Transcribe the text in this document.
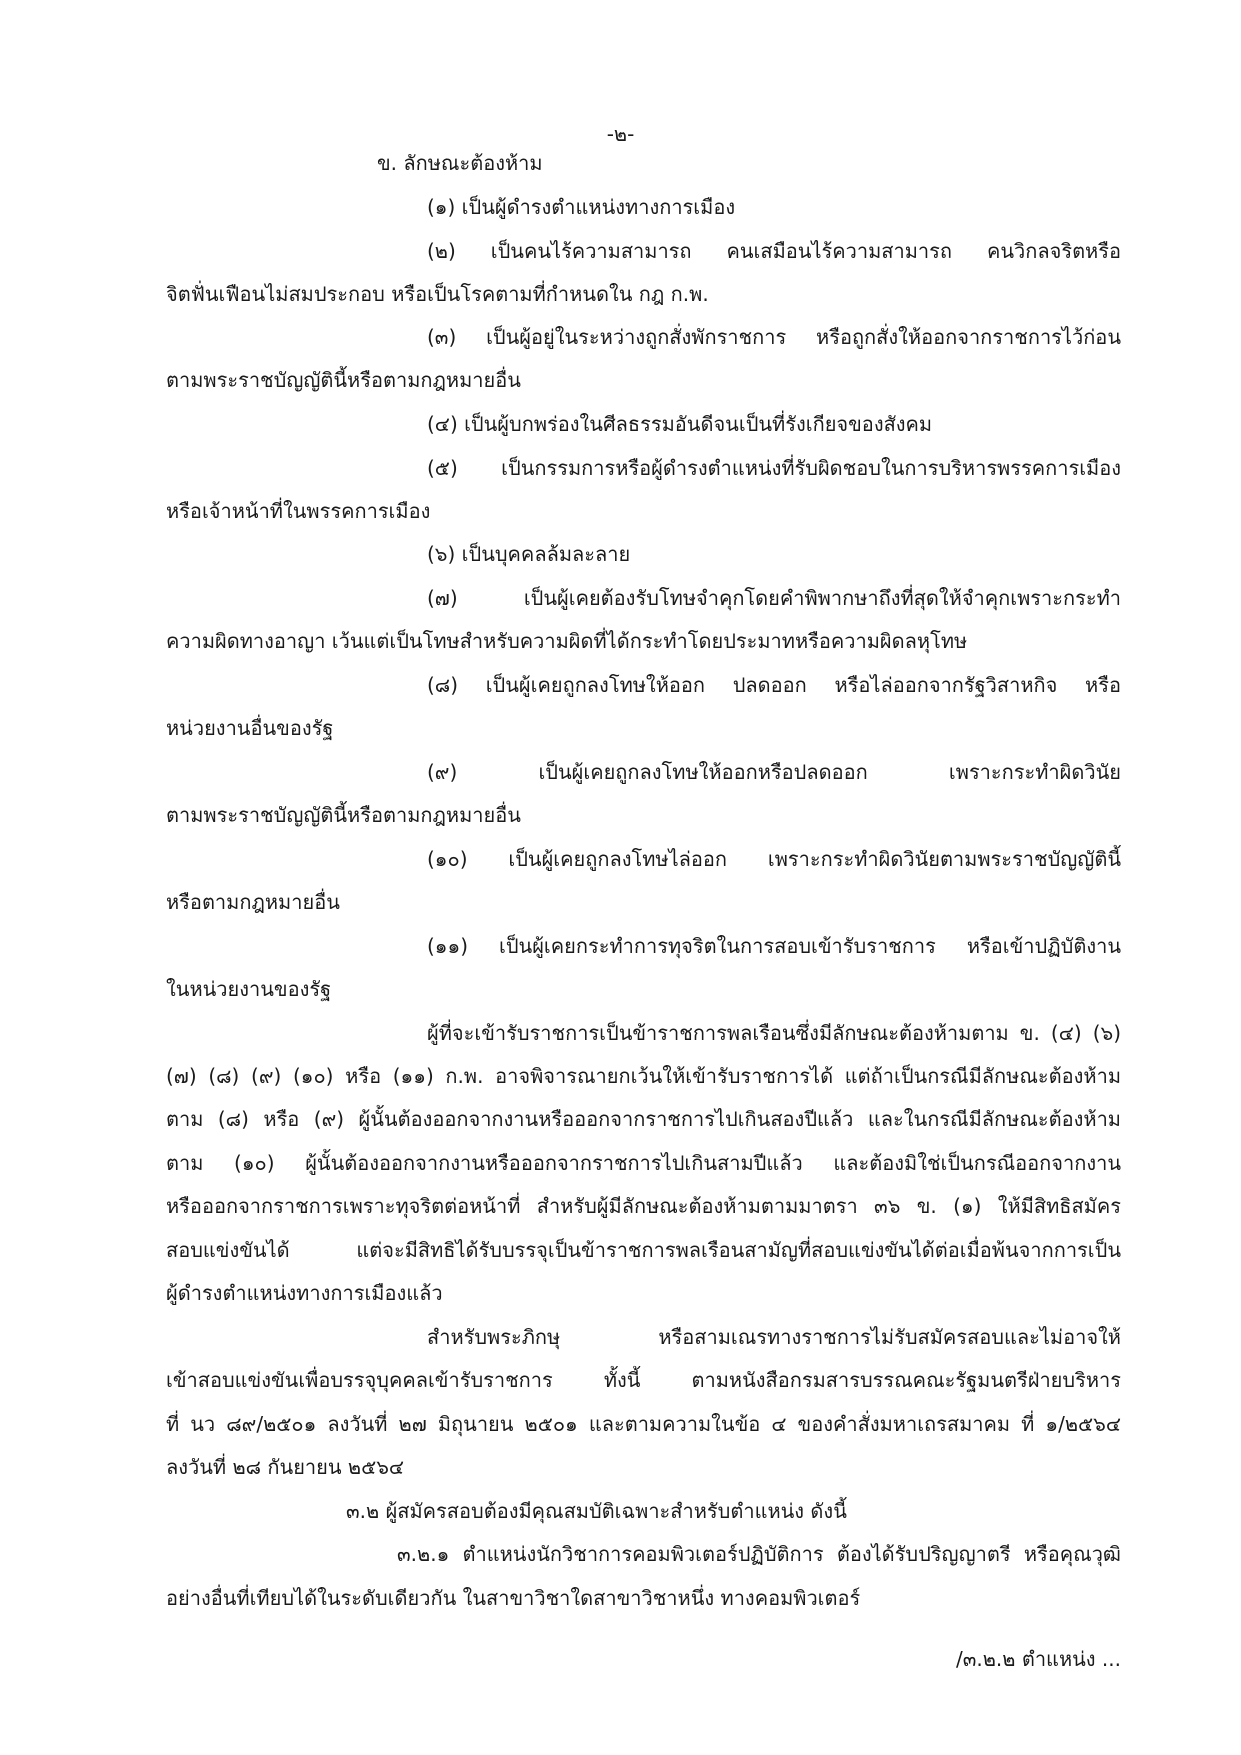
-๒-
ข. ลักษณะต้องห้าม
(๑) เป็นผู้ดำรงตำแหน่งทางการเมือง
(๒) เป็นคนไร้ความสามารถ คนเสมือนไร้ความสามารถ คนวิกลจริตหรือ
จิตฟั่นเฟือนไม่สมประกอบ หรือเป็นโรคตามที่กำหนดใน กฎ ก.พ.
(๓) เป็นผู้อยู่ในระหว่างถูกสั่งพักราชการ หรือถูกสั่งให้ออกจากราชการไว้ก่อน
ตามพระราชบัญญัตินี้หรือตามกฎหมายอื่น
(๔) เป็นผู้บกพร่องในศีลธรรมอันดีจนเป็นที่รังเกียจของสังคม
(๕) เป็นกรรมการหรือผู้ดำรงตำแหน่งที่รับผิดชอบในการบริหารพรรคการเมือง
หรือเจ้าหน้าที่ในพรรคการเมือง
(๖) เป็นบุคคลล้มละลาย
(๗) เป็นผู้เคยต้องรับโทษจำคุกโดยคำพิพากษาถึงที่สุดให้จำคุกเพราะกระทำ
ความผิดทางอาญา เว้นแต่เป็นโทษสำหรับความผิดที่ได้กระทำโดยประมาทหรือความผิดลหุโทษ
(๘) เป็นผู้เคยถูกลงโทษให้ออก ปลดออก หรือไล่ออกจากรัฐวิสาหกิจ หรือ
หน่วยงานอื่นของรัฐ
(๙) เป็นผู้เคยถูกลงโทษให้ออกหรือปลดออก เพราะกระทำผิดวินัย
ตามพระราชบัญญัตินี้หรือตามกฎหมายอื่น
(๑๐) เป็นผู้เคยถูกลงโทษไล่ออก เพราะกระทำผิดวินัยตามพระราชบัญญัตินี้
หรือตามกฎหมายอื่น
(๑๑) เป็นผู้เคยกระทำการทุจริตในการสอบเข้ารับราชการ หรือเข้าปฏิบัติงาน
ในหน่วยงานของรัฐ
ผู้ที่จะเข้ารับราชการเป็นข้าราชการพลเรือนซึ่งมีลักษณะต้องห้ามตาม ข. (๔) (๖)
(๗) (๘) (๙) (๑๐) หรือ (๑๑) ก.พ. อาจพิจารณายกเว้นให้เข้ารับราชการได้ แต่ถ้าเป็นกรณีมีลักษณะต้องห้าม
ตาม (๘) หรือ (๙) ผู้นั้นต้องออกจากงานหรือออกจากราชการไปเกินสองปีแล้ว และในกรณีมีลักษณะต้องห้าม
ตาม (๑๐) ผู้นั้นต้องออกจากงานหรือออกจากราชการไปเกินสามปีแล้ว และต้องมิใช่เป็นกรณีออกจากงาน
หรือออกจากราชการเพราะทุจริตต่อหน้าที่ สำหรับผู้มีลักษณะต้องห้ามตามมาตรา ๓๖ ข. (๑) ให้มีสิทธิสมัคร
สอบแข่งขันได้ แต่จะมีสิทธิได้รับบรรจุเป็นข้าราชการพลเรือนสามัญที่สอบแข่งขันได้ต่อเมื่อพ้นจากการเป็น
ผู้ดำรงตำแหน่งทางการเมืองแล้ว
สำหรับพระภิกษุ หรือสามเณรทางราชการไม่รับสมัครสอบและไม่อาจให้
เข้าสอบแข่งขันเพื่อบรรจุบุคคลเข้ารับราชการ ทั้งนี้ ตามหนังสือกรมสารบรรณคณะรัฐมนตรีฝ่ายบริหาร
ที่ นว ๘๙/๒๕๐๑ ลงวันที่ ๒๗ มิถุนายน ๒๕๐๑ และตามความในข้อ ๔ ของคำสั่งมหาเถรสมาคม ที่ ๑/๒๕๖๔
ลงวันที่ ๒๘ กันยายน ๒๕๖๔
๓.๒ ผู้สมัครสอบต้องมีคุณสมบัติเฉพาะสำหรับตำแหน่ง ดังนี้
๓.๒.๑ ตำแหน่งนักวิชาการคอมพิวเตอร์ปฏิบัติการ ต้องได้รับปริญญาตรี หรือคุณวุฒิ
อย่างอื่นที่เทียบได้ในระดับเดียวกัน ในสาขาวิชาใดสาขาวิชาหนึ่ง ทางคอมพิวเตอร์
/๓.๒.๒ ตำแหน่ง ...
